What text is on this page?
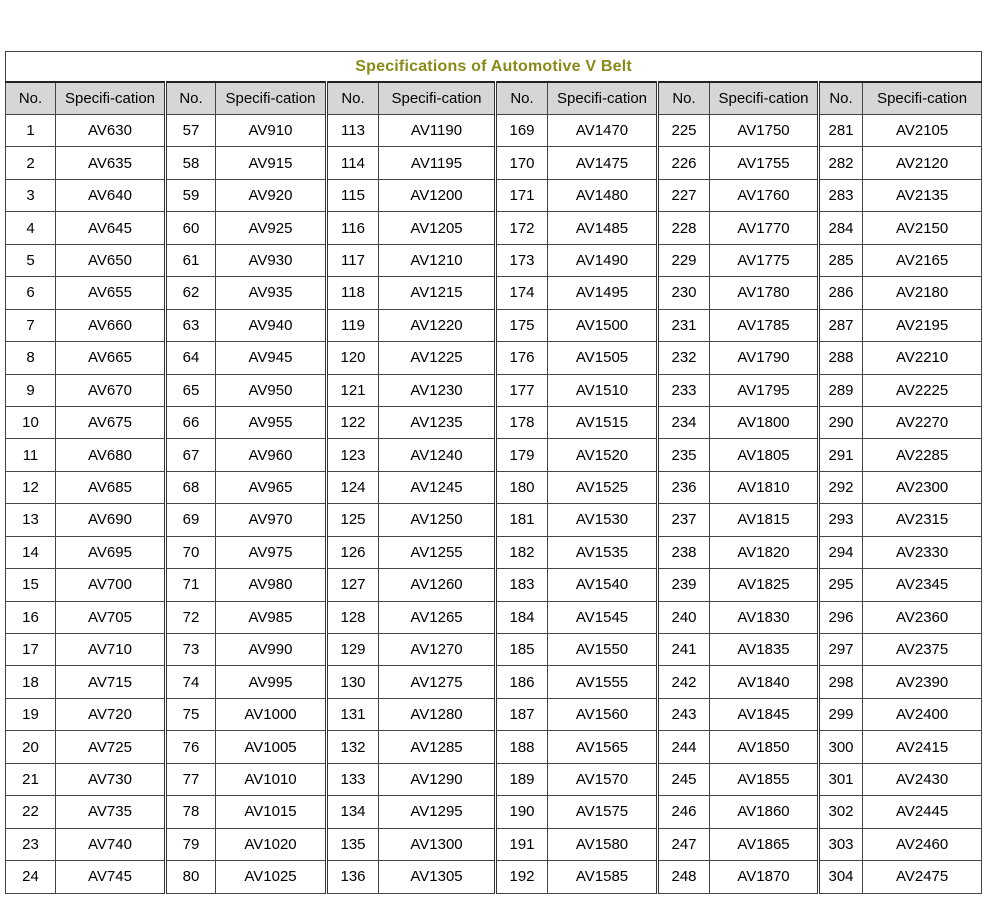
Specifications of Automotive V Belt											
No.	Specifi-cation	No.	Specifi-cation	No.	Specifi-cation	No.	Specifi-cation	No.	Specifi-cation	No.	Specifi-cation
1	AV630	57	AV910	113	AV1190	169	AV1470	225	AV1750	281	AV2105
2	AV635	58	AV915	114	AV1195	170	AV1475	226	AV1755	282	AV2120
3	AV640	59	AV920	115	AV1200	171	AV1480	227	AV1760	283	AV2135
4	AV645	60	AV925	116	AV1205	172	AV1485	228	AV1770	284	AV2150
5	AV650	61	AV930	117	AV1210	173	AV1490	229	AV1775	285	AV2165
6	AV655	62	AV935	118	AV1215	174	AV1495	230	AV1780	286	AV2180
7	AV660	63	AV940	119	AV1220	175	AV1500	231	AV1785	287	AV2195
8	AV665	64	AV945	120	AV1225	176	AV1505	232	AV1790	288	AV2210
9	AV670	65	AV950	121	AV1230	177	AV1510	233	AV1795	289	AV2225
10	AV675	66	AV955	122	AV1235	178	AV1515	234	AV1800	290	AV2270
11	AV680	67	AV960	123	AV1240	179	AV1520	235	AV1805	291	AV2285
12	AV685	68	AV965	124	AV1245	180	AV1525	236	AV1810	292	AV2300
13	AV690	69	AV970	125	AV1250	181	AV1530	237	AV1815	293	AV2315
14	AV695	70	AV975	126	AV1255	182	AV1535	238	AV1820	294	AV2330
15	AV700	71	AV980	127	AV1260	183	AV1540	239	AV1825	295	AV2345
16	AV705	72	AV985	128	AV1265	184	AV1545	240	AV1830	296	AV2360
17	AV710	73	AV990	129	AV1270	185	AV1550	241	AV1835	297	AV2375
18	AV715	74	AV995	130	AV1275	186	AV1555	242	AV1840	298	AV2390
19	AV720	75	AV1000	131	AV1280	187	AV1560	243	AV1845	299	AV2400
20	AV725	76	AV1005	132	AV1285	188	AV1565	244	AV1850	300	AV2415
21	AV730	77	AV1010	133	AV1290	189	AV1570	245	AV1855	301	AV2430
22	AV735	78	AV1015	134	AV1295	190	AV1575	246	AV1860	302	AV2445
23	AV740	79	AV1020	135	AV1300	191	AV1580	247	AV1865	303	AV2460
24	AV745	80	AV1025	136	AV1305	192	AV1585	248	AV1870	304	AV2475
